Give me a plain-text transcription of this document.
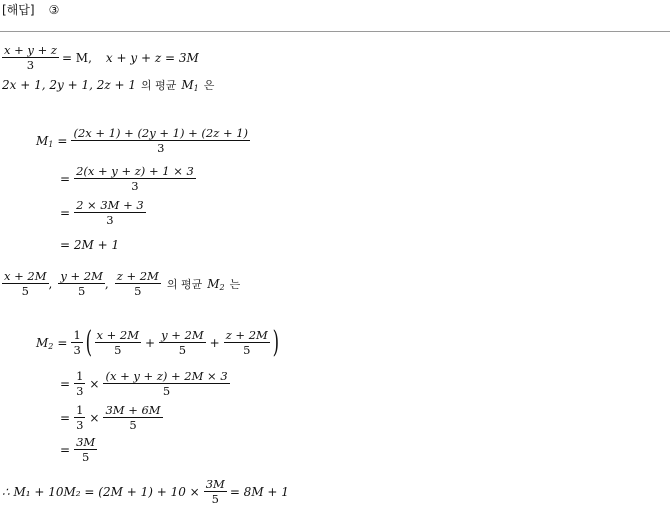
[해답] ③
$\frac{x + y + z}{3} = M$, x + y + z = 3M
2x + 1, 2y + 1, 2z + 1 의 평균 $M_1$ 은
$M_1 = \frac{(2x + 1) + (2y + 1) + (2z + 1)}{3}$
= $\frac{2(x + y + z) + 1 \times 3}{3}$
= $\frac{2 \times 3M + 3}{3}$
= 2M + 1
$\frac{x + 2M}{5}$ , $\frac{y + 2M}{5}$ , $\frac{z + 2M}{5}$ 의 평균 $M_2$ 는
$M_2 = \frac{1}{3}$ ( $\frac{x + 2M}{5} + \frac{y + 2M}{5} + \frac{z + 2M}{5}$ )
= $\frac{1}{3} \times \frac{(x + y + z) + 2M \times 3}{5}$
= $\frac{1}{3} \times \frac{3M + 6M}{5}$
= $\frac{3M}{5}$
∴ $M_1 + 10M_2 = (2M + 1) + 10 \times \frac{3M}{5} = 8M + 1$
